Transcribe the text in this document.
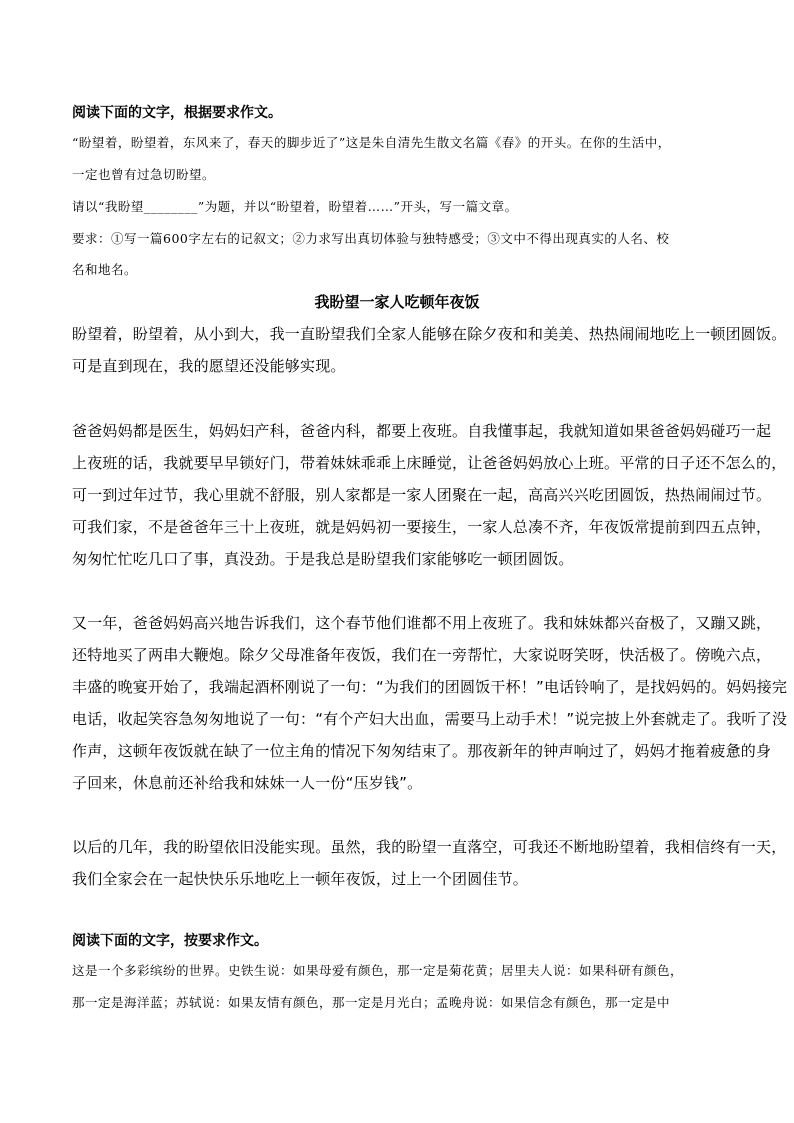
阅读下面的文字，根据要求作文。
“盼望着，盼望着，东风来了，春天的脚步近了”这是朱自清先生散文名篇《春》的开头。在你的生活中，
一定也曾有过急切盼望。
请以“我盼望________”为题，并以“盼望着，盼望着……”开头，写一篇文章。
要求：①写一篇600字左右的记叙文；②力求写出真切体验与独特感受；③文中不得出现真实的人名、校
名和地名。
我盼望一家人吃顿年夜饭
盼望着，盼望着，从小到大，我一直盼望我们全家人能够在除夕夜和和美美、热热闹闹地吃上一顿团圆饭。
可是直到现在，我的愿望还没能够实现。
爸爸妈妈都是医生，妈妈妇产科，爸爸内科，都要上夜班。自我懂事起，我就知道如果爸爸妈妈碰巧一起
上夜班的话，我就要早早锁好门，带着妹妹乖乖上床睡觉，让爸爸妈妈放心上班。平常的日子还不怎么的，
可一到过年过节，我心里就不舒服，别人家都是一家人团聚在一起，高高兴兴吃团圆饭，热热闹闹过节。
可我们家，不是爸爸年三十上夜班，就是妈妈初一要接生，一家人总凑不齐，年夜饭常提前到四五点钟，
匆匆忙忙吃几口了事，真没劲。于是我总是盼望我们家能够吃一顿团圆饭。
又一年，爸爸妈妈高兴地告诉我们，这个春节他们谁都不用上夜班了。我和妹妹都兴奋极了，又蹦又跳，
还特地买了两串大鞭炮。除夕父母准备年夜饭，我们在一旁帮忙，大家说呀笑呀，快活极了。傍晚六点，
丰盛的晚宴开始了，我端起酒杯刚说了一句：“为我们的团圆饭干杯！”电话铃响了，是找妈妈的。妈妈接完
电话，收起笑容急匆匆地说了一句：“有个产妇大出血，需要马上动手术！”说完披上外套就走了。我听了没
作声，这顿年夜饭就在缺了一位主角的情况下匆匆结束了。那夜新年的钟声响过了，妈妈才拖着疲惫的身
子回来，休息前还补给我和妹妹一人一份“压岁钱”。
以后的几年，我的盼望依旧没能实现。虽然，我的盼望一直落空，可我还不断地盼望着，我相信终有一天，
我们全家会在一起快快乐乐地吃上一顿年夜饭，过上一个团圆佳节。
阅读下面的文字，按要求作文。
这是一个多彩缤纷的世界。史铁生说：如果母爱有颜色，那一定是菊花黄；居里夫人说：如果科研有颜色，
那一定是海洋蓝；苏轼说：如果友情有颜色，那一定是月光白；孟晚舟说：如果信念有颜色，那一定是中
